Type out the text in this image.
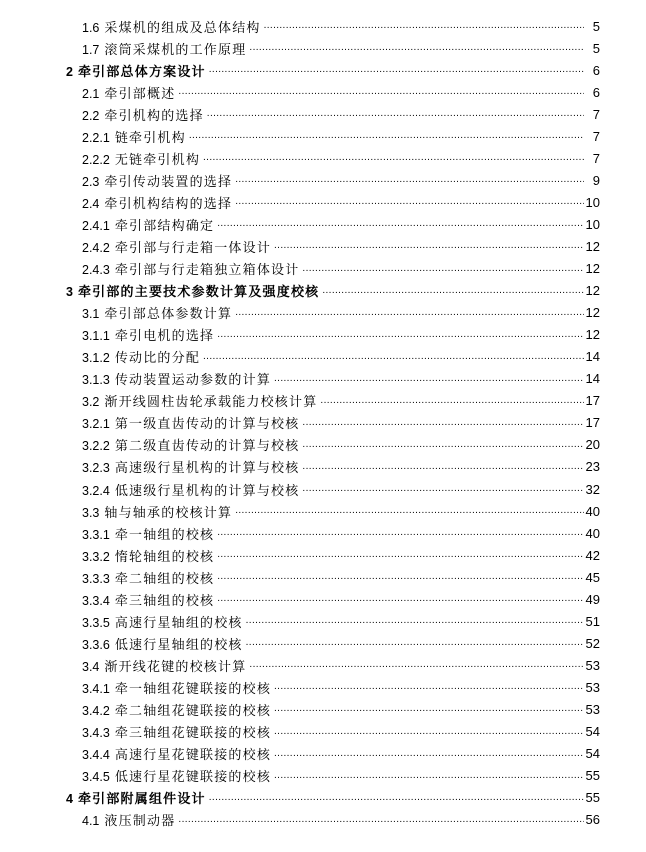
1.6 采煤机的组成及总体结构 . . .	5
1.7 滚筒采煤机的工作原理 . . .	5
2 牵引部总体方案设计 . . .	6
2.1 牵引部概述 . . .	6
2.2 牵引机构的选择 . . .	7
2.2.1 链牵引机构 . . .	7
2.2.2 无链牵引机构 . . .	7
2.3 牵引传动装置的选择 . . .	9
2.4 牵引机构结构的选择 . . .	10
2.4.1 牵引部结构确定 . . .	10
2.4.2 牵引部与行走箱一体设计 . . .	12
2.4.3 牵引部与行走箱独立箱体设计 . . .	12
3 牵引部的主要技术参数计算及强度校核 . . .	12
3.1 牵引部总体参数计算 . . .	12
3.1.1 牵引电机的选择 . . .	12
3.1.2 传动比的分配 . . .	14
3.1.3 传动装置运动参数的计算 . . .	14
3.2 渐开线圆柱齿轮承载能力校核计算 . . .	17
3.2.1 第一级直齿传动的计算与校核 . . .	17
3.2.2 第二级直齿传动的计算与校核 . . .	20
3.2.3 高速级行星机构的计算与校核 . . .	23
3.2.4 低速级行星机构的计算与校核 . . .	32
3.3 轴与轴承的校核计算 . . .	40
3.3.1 牵一轴组的校核 . . .	40
3.3.2 惰轮轴组的校核 . . .	42
3.3.3 牵二轴组的校核 . . .	45
3.3.4 牵三轴组的校核 . . .	49
3.3.5 高速行星轴组的校核 . . .	51
3.3.6 低速行星轴组的校核 . . .	52
3.4 渐开线花键的校核计算 . . .	53
3.4.1 牵一轴组花键联接的校核 . . .	53
3.4.2 牵二轴组花键联接的校核 . . .	53
3.4.3 牵三轴组花键联接的校核 . . .	54
3.4.4 高速行星花键联接的校核 . . .	54
3.4.5 低速行星花键联接的校核 . . .	55
4 牵引部附属组件设计 . . .	55
4.1 液压制动器 . . .	56
